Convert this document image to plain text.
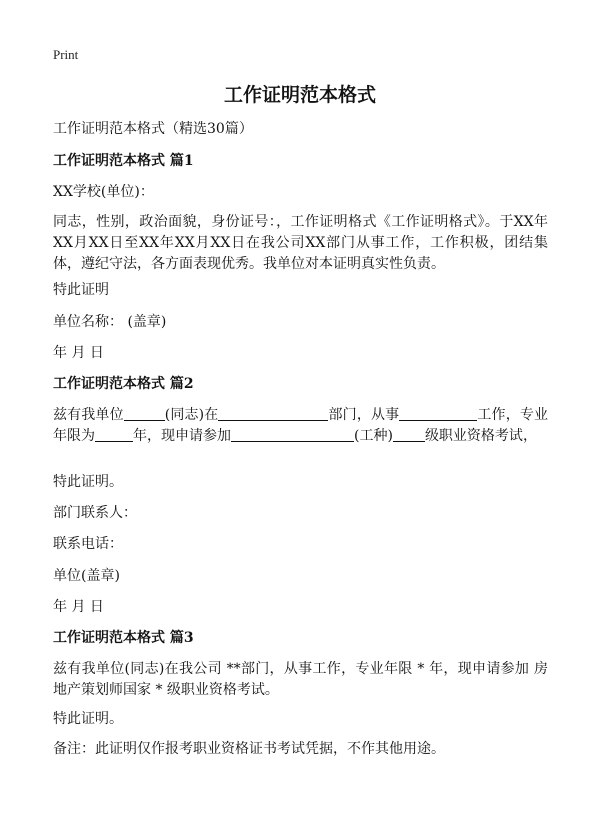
Print
工作证明范本格式

工作证明范本格式（精选30篇）

工作证明范本格式 篇1

XX学校(单位)：

同志，性别，政治面貌，身份证号：，工作证明格式《工作证明格式》。于XX年XX月XX日至XX年XX月XX日在我公司XX部门从事工作，工作积极，团结集体，遵纪守法，各方面表现优秀。我单位对本证明真实性负责。

特此证明

单位名称： (盖章)

年 月 日

工作证明范本格式 篇2

兹有我单位	(同志)在	部门，从事	工作，专业年限为	年，现申请参加	(工种) 级职业资格考试，

特此证明。

部门联系人：

联系电话：

单位(盖章)

年 月 日

工作证明范本格式 篇3

兹有我单位(同志)在我公司 **部门，从事工作，专业年限 * 年，现申请参加 房地产策划师国家 * 级职业资格考试。

特此证明。

备注：此证明仅作报考职业资格证书考试凭据，不作其他用途。
